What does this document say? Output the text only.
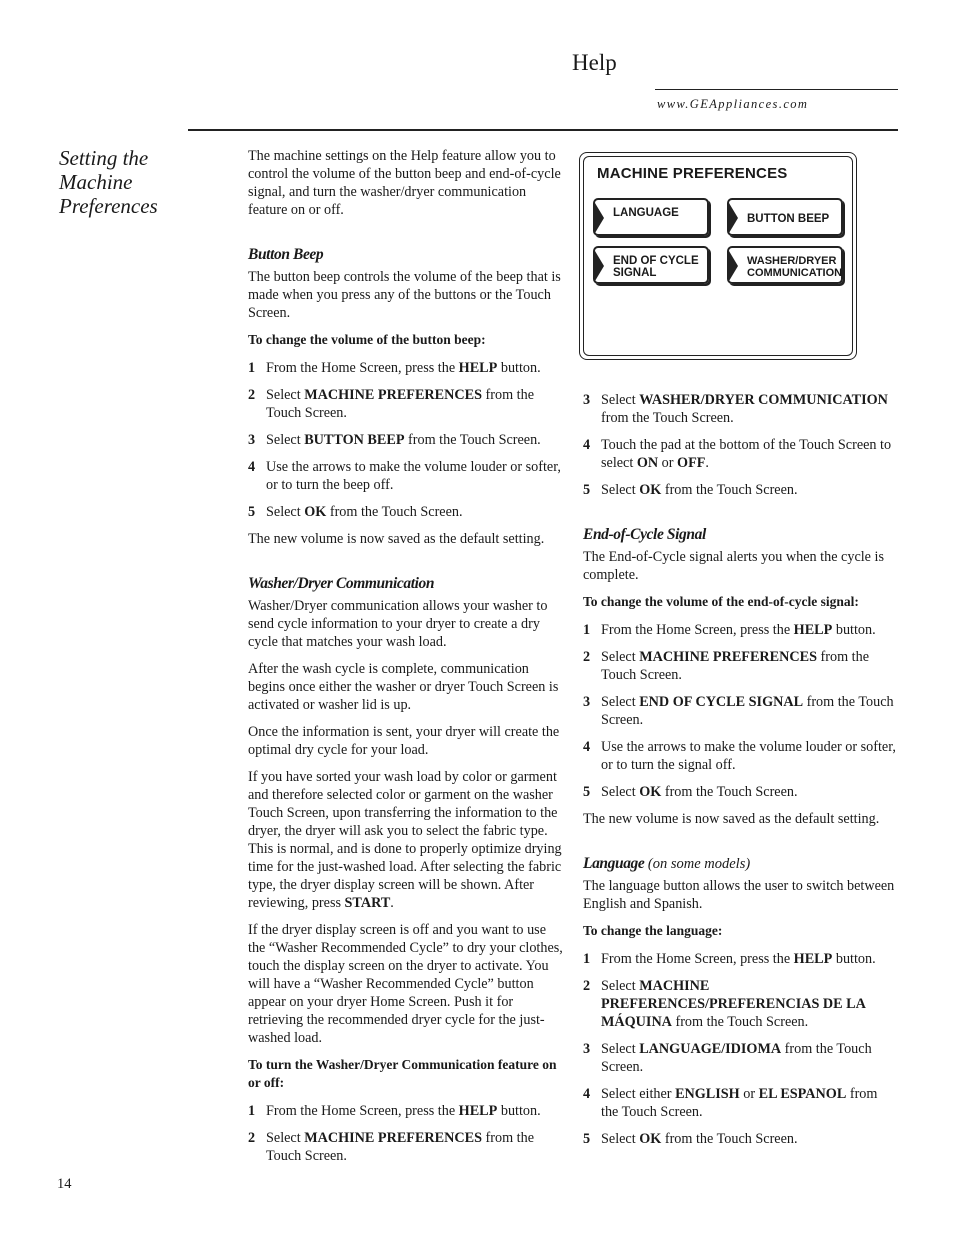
Help
www.GEAppliances.com
Setting the
Machine
Preferences

The machine settings on the Help feature allow you to control the volume of the button beep and end-of-cycle signal, and turn the washer/dryer communication feature on or off.

Button Beep

The button beep controls the volume of the beep that is made when you press any of the buttons or the Touch Screen.

To change the volume of the button beep:

1 From the Home Screen, press the HELP button.
2 Select MACHINE PREFERENCES from the Touch Screen.
3 Select BUTTON BEEP from the Touch Screen.
4 Use the arrows to make the volume louder or softer, or to turn the beep off.
5 Select OK from the Touch Screen.

The new volume is now saved as the default setting.

Washer/Dryer Communication

Washer/Dryer communication allows your washer to send cycle information to your dryer to create a dry cycle that matches your wash load.

After the wash cycle is complete, communication begins once either the washer or dryer Touch Screen is activated or washer lid is up.

Once the information is sent, your dryer will create the optimal dry cycle for your load.

If you have sorted your wash load by color or garment and therefore selected color or garment on the washer Touch Screen, upon transferring the information to the dryer, the dryer will ask you to select the fabric type. This is normal, and is done to properly optimize drying time for the just-washed load. After selecting the fabric type, the dryer display screen will be shown. After reviewing, press START.

If the dryer display screen is off and you want to use the “Washer Recommended Cycle” to dry your clothes, touch the display screen on the dryer to activate. You will have a “Washer Recommended Cycle” button appear on your dryer Home Screen. Push it for retrieving the recommended dryer cycle for the just-washed load.

To turn the Washer/Dryer Communication feature on or off:

1 From the Home Screen, press the HELP button.
2 Select MACHINE PREFERENCES from the Touch Screen.
MACHINE PREFERENCES
LANGUAGE	BUTTON BEEP
END OF CYCLE
SIGNAL
WASHER/DRYER
COMMUNICATION
3 Select WASHER/DRYER COMMUNICATION from the Touch Screen.
4 Touch the pad at the bottom of the Touch Screen to select ON or OFF.
5 Select OK from the Touch Screen.
End-of-Cycle Signal

The End-of-Cycle signal alerts you when the cycle is complete.

To change the volume of the end-of-cycle signal:

1 From the Home Screen, press the HELP button.
2 Select MACHINE PREFERENCES from the Touch Screen.
3 Select END OF CYCLE SIGNAL from the Touch Screen.
4 Use the arrows to make the volume louder or softer, or to turn the signal off.
5 Select OK from the Touch Screen.

The new volume is now saved as the default setting.

Language (on some models)

The language button allows the user to switch between English and Spanish.

To change the language:

1 From the Home Screen, press the HELP button.
2 Select MACHINE PREFERENCES/PREFERENCIAS DE LA MÁQUINA from the Touch Screen.
3 Select LANGUAGE/IDIOMA from the Touch Screen.
4 Select either ENGLISH or EL ESPANOL from the Touch Screen.
5 Select OK from the Touch Screen.
14
